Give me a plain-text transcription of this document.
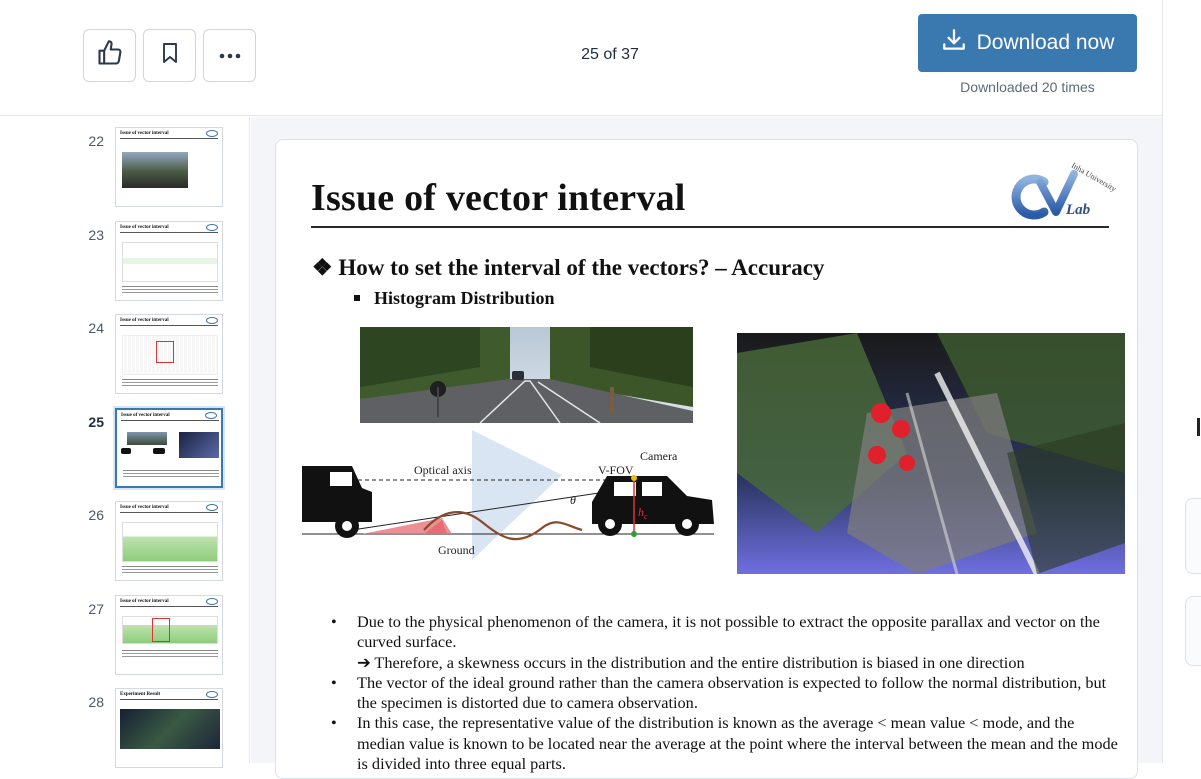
25 of 37
Download now
Downloaded 20 times
22	Issue of vector interval
23	Issue of vector interval
24	Issue of vector interval
25	Issue of vector interval
26	Issue of vector interval
27	Issue of vector interval
28	Experiment Result
Issue of vector interval	Lab
Inha University
❖ How to set the interval of the vectors? – Accuracy
Histogram Distribution
Optical axis
Camera
V-FOV
θ
$h_c$
Ground
• Due to the physical phenomenon of the camera, it is not possible to extract the opposite parallax and vector on the curved surface.
➔ Therefore, a skewness occurs in the distribution and the entire distribution is biased in one direction
• The vector of the ideal ground rather than the camera observation is expected to follow the normal distribution, but the specimen is distorted due to camera observation.
• In this case, the representative value of the distribution is known as the average < mean value < mode, and the median value is known to be located near the average at the point where the interval between the mean and the mode is divided into three equal parts.
